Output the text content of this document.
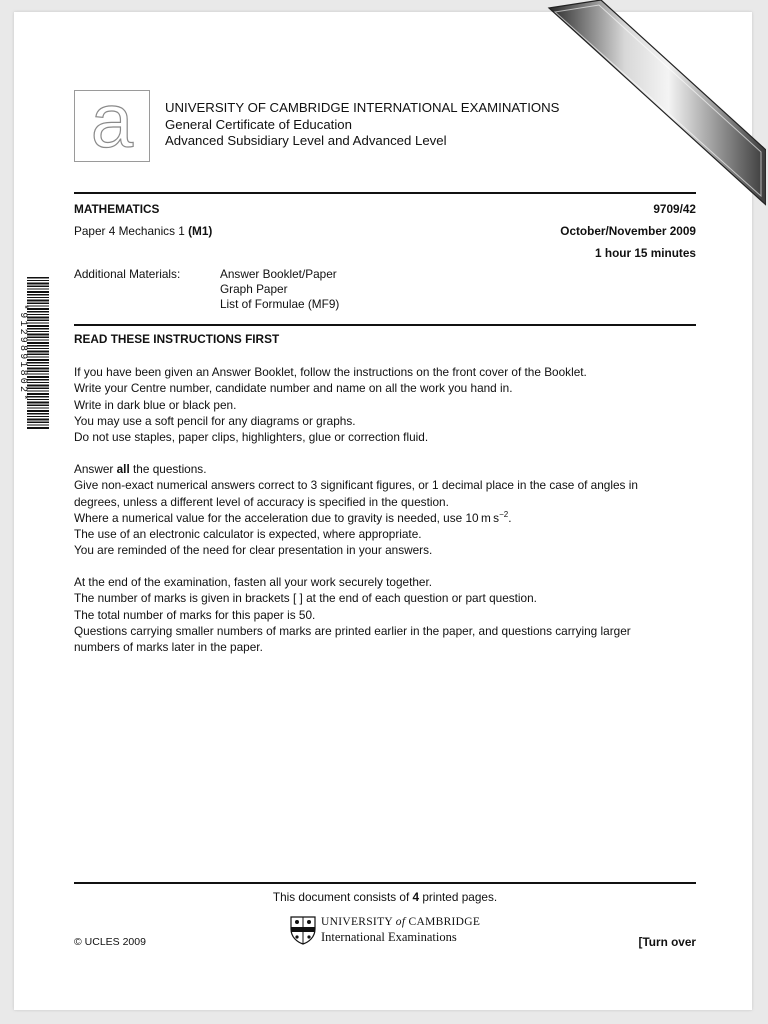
a UNIVERSITY OF CAMBRIDGE INTERNATIONAL EXAMINATIONS
General Certificate of Education
Advanced Subsidiary Level and Advanced Level
MATHEMATICS	9709/42
Paper 4 Mechanics 1 (M1)	October/November 2009
1 hour 15 minutes
Additional Materials:	Answer Booklet/Paper
Graph Paper
List of Formulae (MF9)
*9129891802*	READ THESE INSTRUCTIONS FIRST
If you have been given an Answer Booklet, follow the instructions on the front cover of the Booklet.
Write your Centre number, candidate number and name on all the work you hand in.
Write in dark blue or black pen.
You may use a soft pencil for any diagrams or graphs.
Do not use staples, paper clips, highlighters, glue or correction fluid.
Answer all the questions.
Give non-exact numerical answers correct to 3 significant figures, or 1 decimal place in the case of angles in
degrees, unless a different level of accuracy is specified in the question.
Where a numerical value for the acceleration due to gravity is needed, use 10 m $s^{-2}$.
The use of an electronic calculator is expected, where appropriate.
You are reminded of the need for clear presentation in your answers.
At the end of the examination, fasten all your work securely together.
The number of marks is given in brackets [ ] at the end of each question or part question.
The total number of marks for this paper is 50.
Questions carrying smaller numbers of marks are printed earlier in the paper, and questions carrying larger
numbers of marks later in the paper.
This document consists of 4 printed pages.
UNIVERSITY of CAMBRIDGE
International Examinations
© UCLES 2009	[Turn over
